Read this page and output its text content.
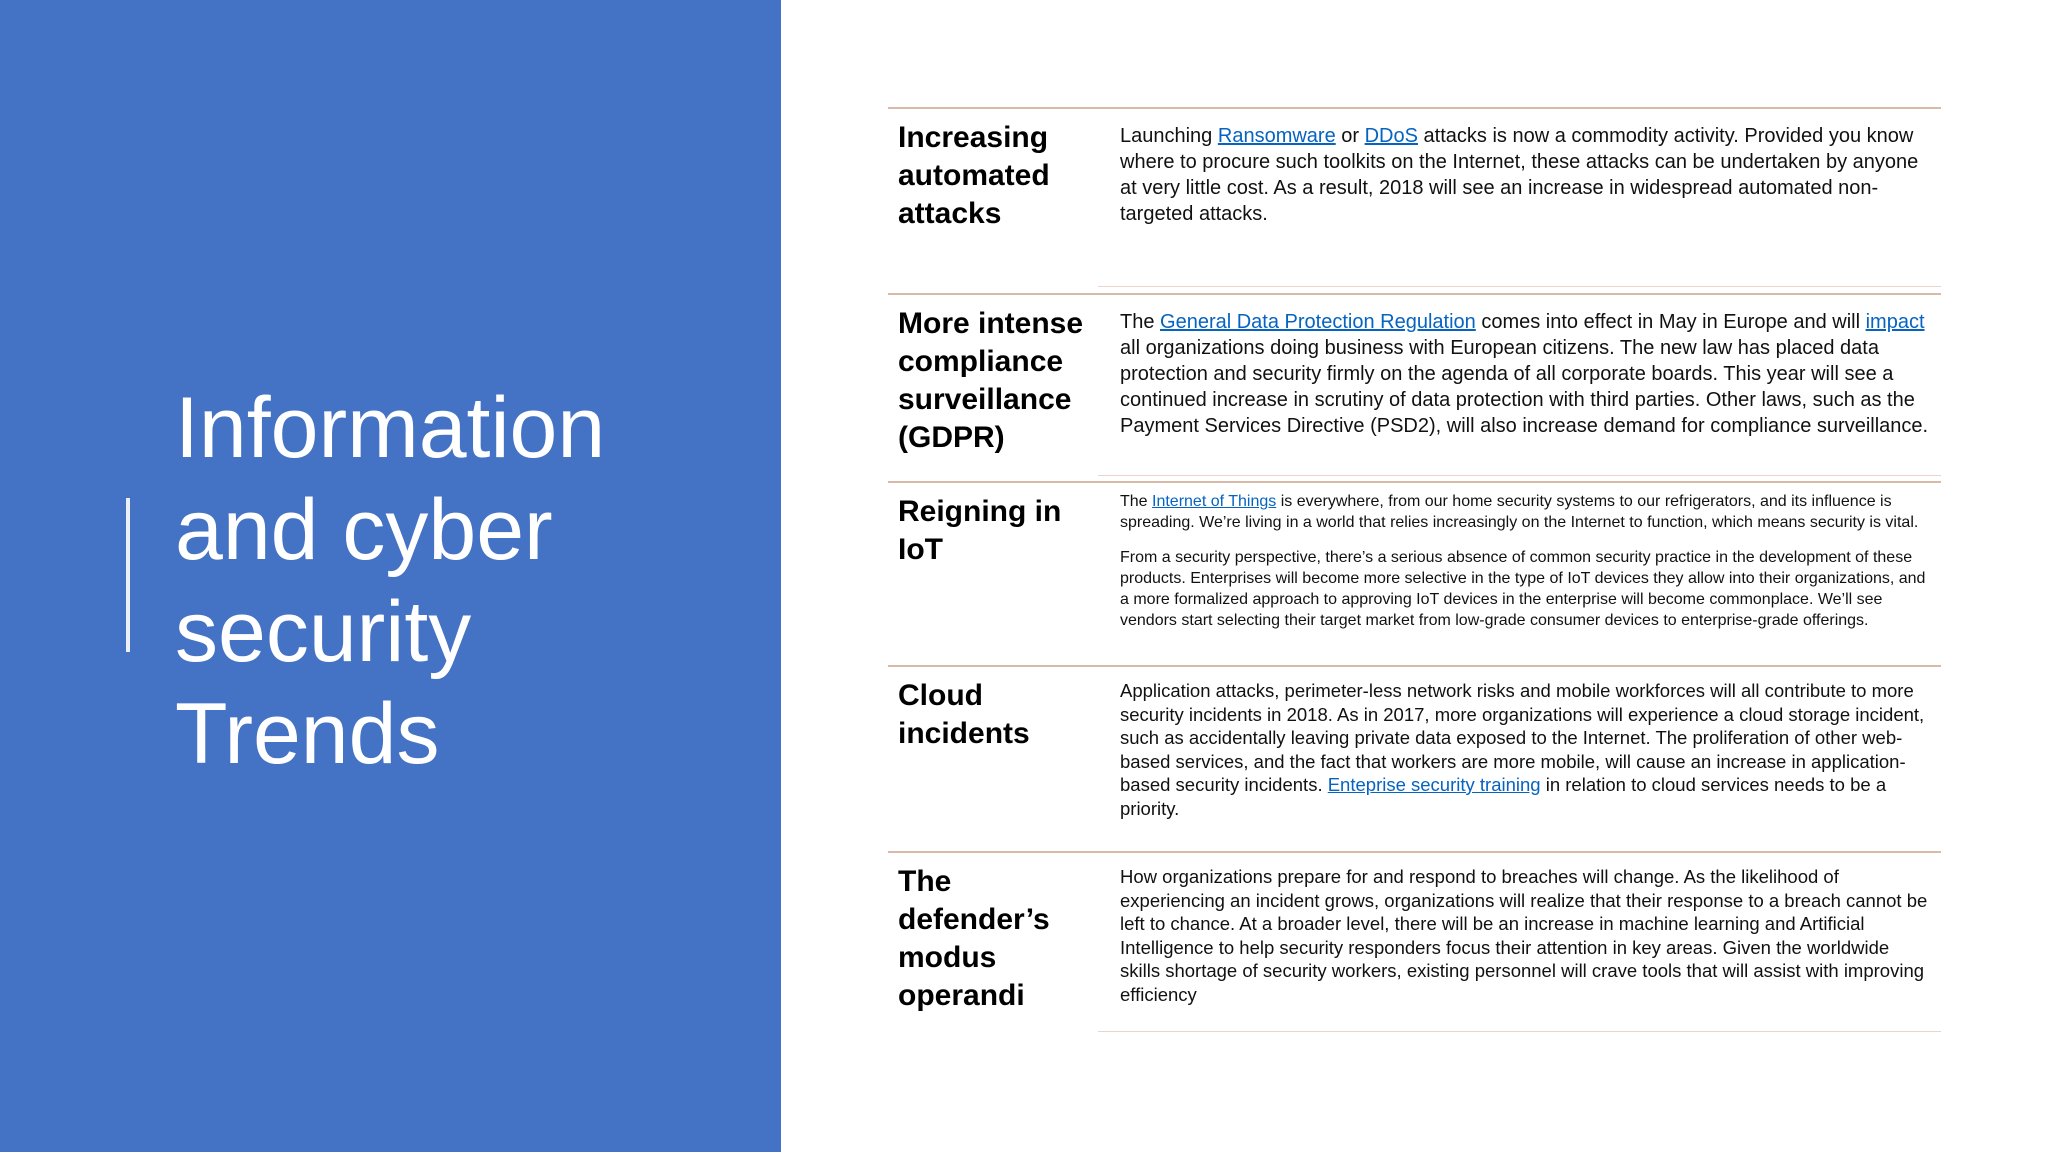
Information and cyber security Trends
Increasing automated attacks

Launching Ransomware or DDoS attacks is now a commodity activity. Provided you know where to procure such toolkits on the Internet, these attacks can be undertaken by anyone at very little cost. As a result, 2018 will see an increase in widespread automated non-targeted attacks.

More intense compliance surveillance (GDPR)

The General Data Protection Regulation comes into effect in May in Europe and will impact all organizations doing business with European citizens. The new law has placed data protection and security firmly on the agenda of all corporate boards. This year will see a continued increase in scrutiny of data protection with third parties. Other laws, such as the Payment Services Directive (PSD2), will also increase demand for compliance surveillance.

Reigning in IoT

The Internet of Things is everywhere, from our home security systems to our refrigerators, and its influence is spreading. We’re living in a world that relies increasingly on the Internet to function, which means security is vital.

From a security perspective, there’s a serious absence of common security practice in the development of these products. Enterprises will become more selective in the type of IoT devices they allow into their organizations, and a more formalized approach to approving IoT devices in the enterprise will become commonplace. We’ll see vendors start selecting their target market from low-grade consumer devices to enterprise-grade offerings.

Cloud incidents

Application attacks, perimeter-less network risks and mobile workforces will all contribute to more security incidents in 2018. As in 2017, more organizations will experience a cloud storage incident, such as accidentally leaving private data exposed to the Internet. The proliferation of other web-based services, and the fact that workers are more mobile, will cause an increase in application-based security incidents. Enteprise security training in relation to cloud services needs to be a priority.

The defender’s modus operandi

How organizations prepare for and respond to breaches will change. As the likelihood of experiencing an incident grows, organizations will realize that their response to a breach cannot be left to chance. At a broader level, there will be an increase in machine learning and Artificial Intelligence to help security responders focus their attention in key areas. Given the worldwide skills shortage of security workers, existing personnel will crave tools that will assist with improving efficiency
